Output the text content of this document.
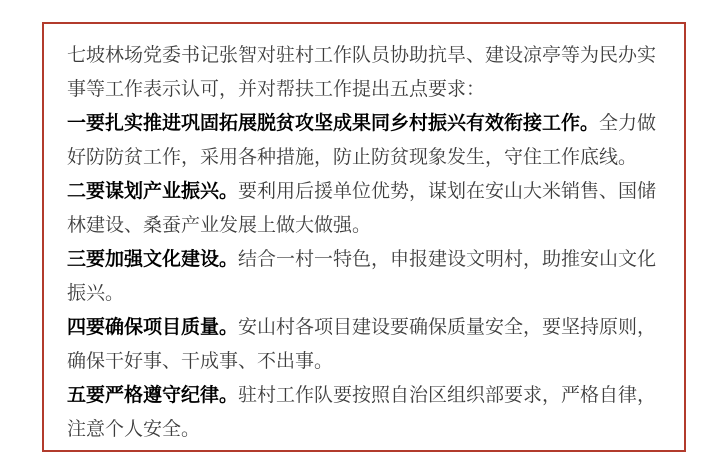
七坡林场党委书记张智对驻村工作队员协助抗旱、建设凉亭等为民办实事等工作表示认可，并对帮扶工作提出五点要求：

一要扎实推进巩固拓展脱贫攻坚成果同乡村振兴有效衔接工作。全力做好防防贫工作，采用各种措施，防止防贫现象发生，守住工作底线。

二要谋划产业振兴。要利用后援单位优势，谋划在安山大米销售、国储林建设、桑蚕产业发展上做大做强。

三要加强文化建设。结合一村一特色，申报建设文明村，助推安山文化振兴。

四要确保项目质量。安山村各项目建设要确保质量安全，要坚持原则，确保干好事、干成事、不出事。

五要严格遵守纪律。驻村工作队要按照自治区组织部要求，严格自律，注意个人安全。
